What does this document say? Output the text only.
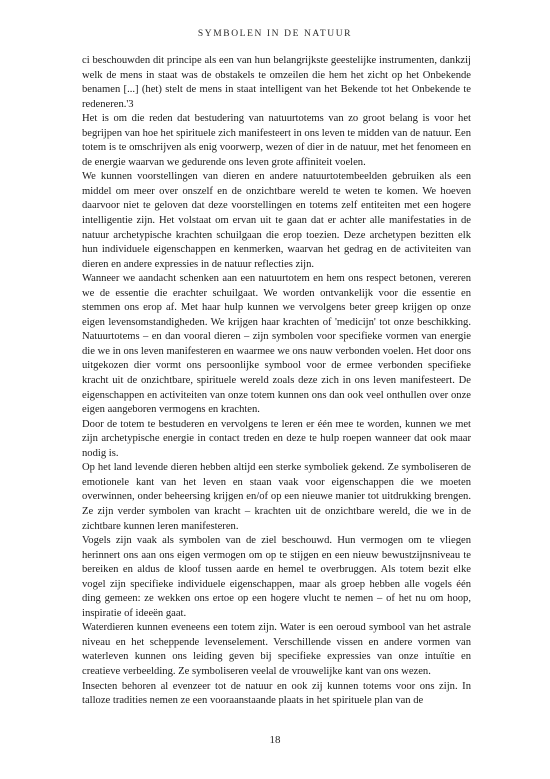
SYMBOLEN IN DE NATUUR

ci beschouwden dit principe als een van hun belangrijkste geestelijke instrumenten, dankzij welk de mens in staat was de obstakels te omzeilen die hem het zicht op het Onbekende benamen [...] (het) stelt de mens in staat intelligent van het Bekende tot het Onbekende te redeneren.'3

Het is om die reden dat bestudering van natuurtotems van zo groot belang is voor het begrijpen van hoe het spirituele zich manifesteert in ons leven te midden van de natuur. Een totem is te omschrijven als enig voorwerp, wezen of dier in de natuur, met het fenomeen en de energie waarvan we gedurende ons leven grote affiniteit voelen.

We kunnen voorstellingen van dieren en andere natuurtotembeelden gebruiken als een middel om meer over onszelf en de onzichtbare wereld te weten te komen. We hoeven daarvoor niet te geloven dat deze voorstellingen en totems zelf entiteiten met een hogere intelligentie zijn. Het volstaat om ervan uit te gaan dat er achter alle manifestaties in de natuur archetypische krachten schuilgaan die erop toezien. Deze archetypen bezitten elk hun individuele eigenschappen en kenmerken, waarvan het gedrag en de activiteiten van dieren en andere expressies in de natuur reflecties zijn.

Wanneer we aandacht schenken aan een natuurtotem en hem ons respect betonen, vereren we de essentie die erachter schuilgaat. We worden ontvankelijk voor die essentie en stemmen ons erop af. Met haar hulp kunnen we vervolgens beter greep krijgen op onze eigen levensomstandigheden. We krijgen haar krachten of 'medicijn' tot onze beschikking. Natuurtotems – en dan vooral dieren – zijn symbolen voor specifieke vormen van energie die we in ons leven manifesteren en waarmee we ons nauw verbonden voelen. Het door ons uitgekozen dier vormt ons persoonlijke symbool voor de ermee verbonden specifieke kracht uit de onzichtbare, spirituele wereld zoals deze zich in ons leven manifesteert. De eigenschappen en activiteiten van onze totem kunnen ons dan ook veel onthullen over onze eigen aangeboren vermogens en krachten.

Door de totem te bestuderen en vervolgens te leren er één mee te worden, kunnen we met zijn archetypische energie in contact treden en deze te hulp roepen wanneer dat ook maar nodig is.

Op het land levende dieren hebben altijd een sterke symboliek gekend. Ze symboliseren de emotionele kant van het leven en staan vaak voor eigenschappen die we moeten overwinnen, onder beheersing krijgen en/of op een nieuwe manier tot uitdrukking brengen. Ze zijn verder symbolen van kracht – krachten uit de onzichtbare wereld, die we in de zichtbare kunnen leren manifesteren.

Vogels zijn vaak als symbolen van de ziel beschouwd. Hun vermogen om te vliegen herinnert ons aan ons eigen vermogen om op te stijgen en een nieuw bewustzijnsniveau te bereiken en aldus de kloof tussen aarde en hemel te overbruggen. Als totem bezit elke vogel zijn specifieke individuele eigenschappen, maar als groep hebben alle vogels één ding gemeen: ze wekken ons ertoe op een hogere vlucht te nemen – of het nu om hoop, inspiratie of ideeën gaat.

Waterdieren kunnen eveneens een totem zijn. Water is een oeroud symbool van het astrale niveau en het scheppende levenselement. Verschillende vissen en andere vormen van waterleven kunnen ons leiding geven bij specifieke expressies van onze intuïtie en creatieve verbeelding. Ze symboliseren veelal de vrouwelijke kant van ons wezen.

Insecten behoren al evenzeer tot de natuur en ook zij kunnen totems voor ons zijn. In talloze tradities nemen ze een vooraanstaande plaats in het spirituele plan van de

18
